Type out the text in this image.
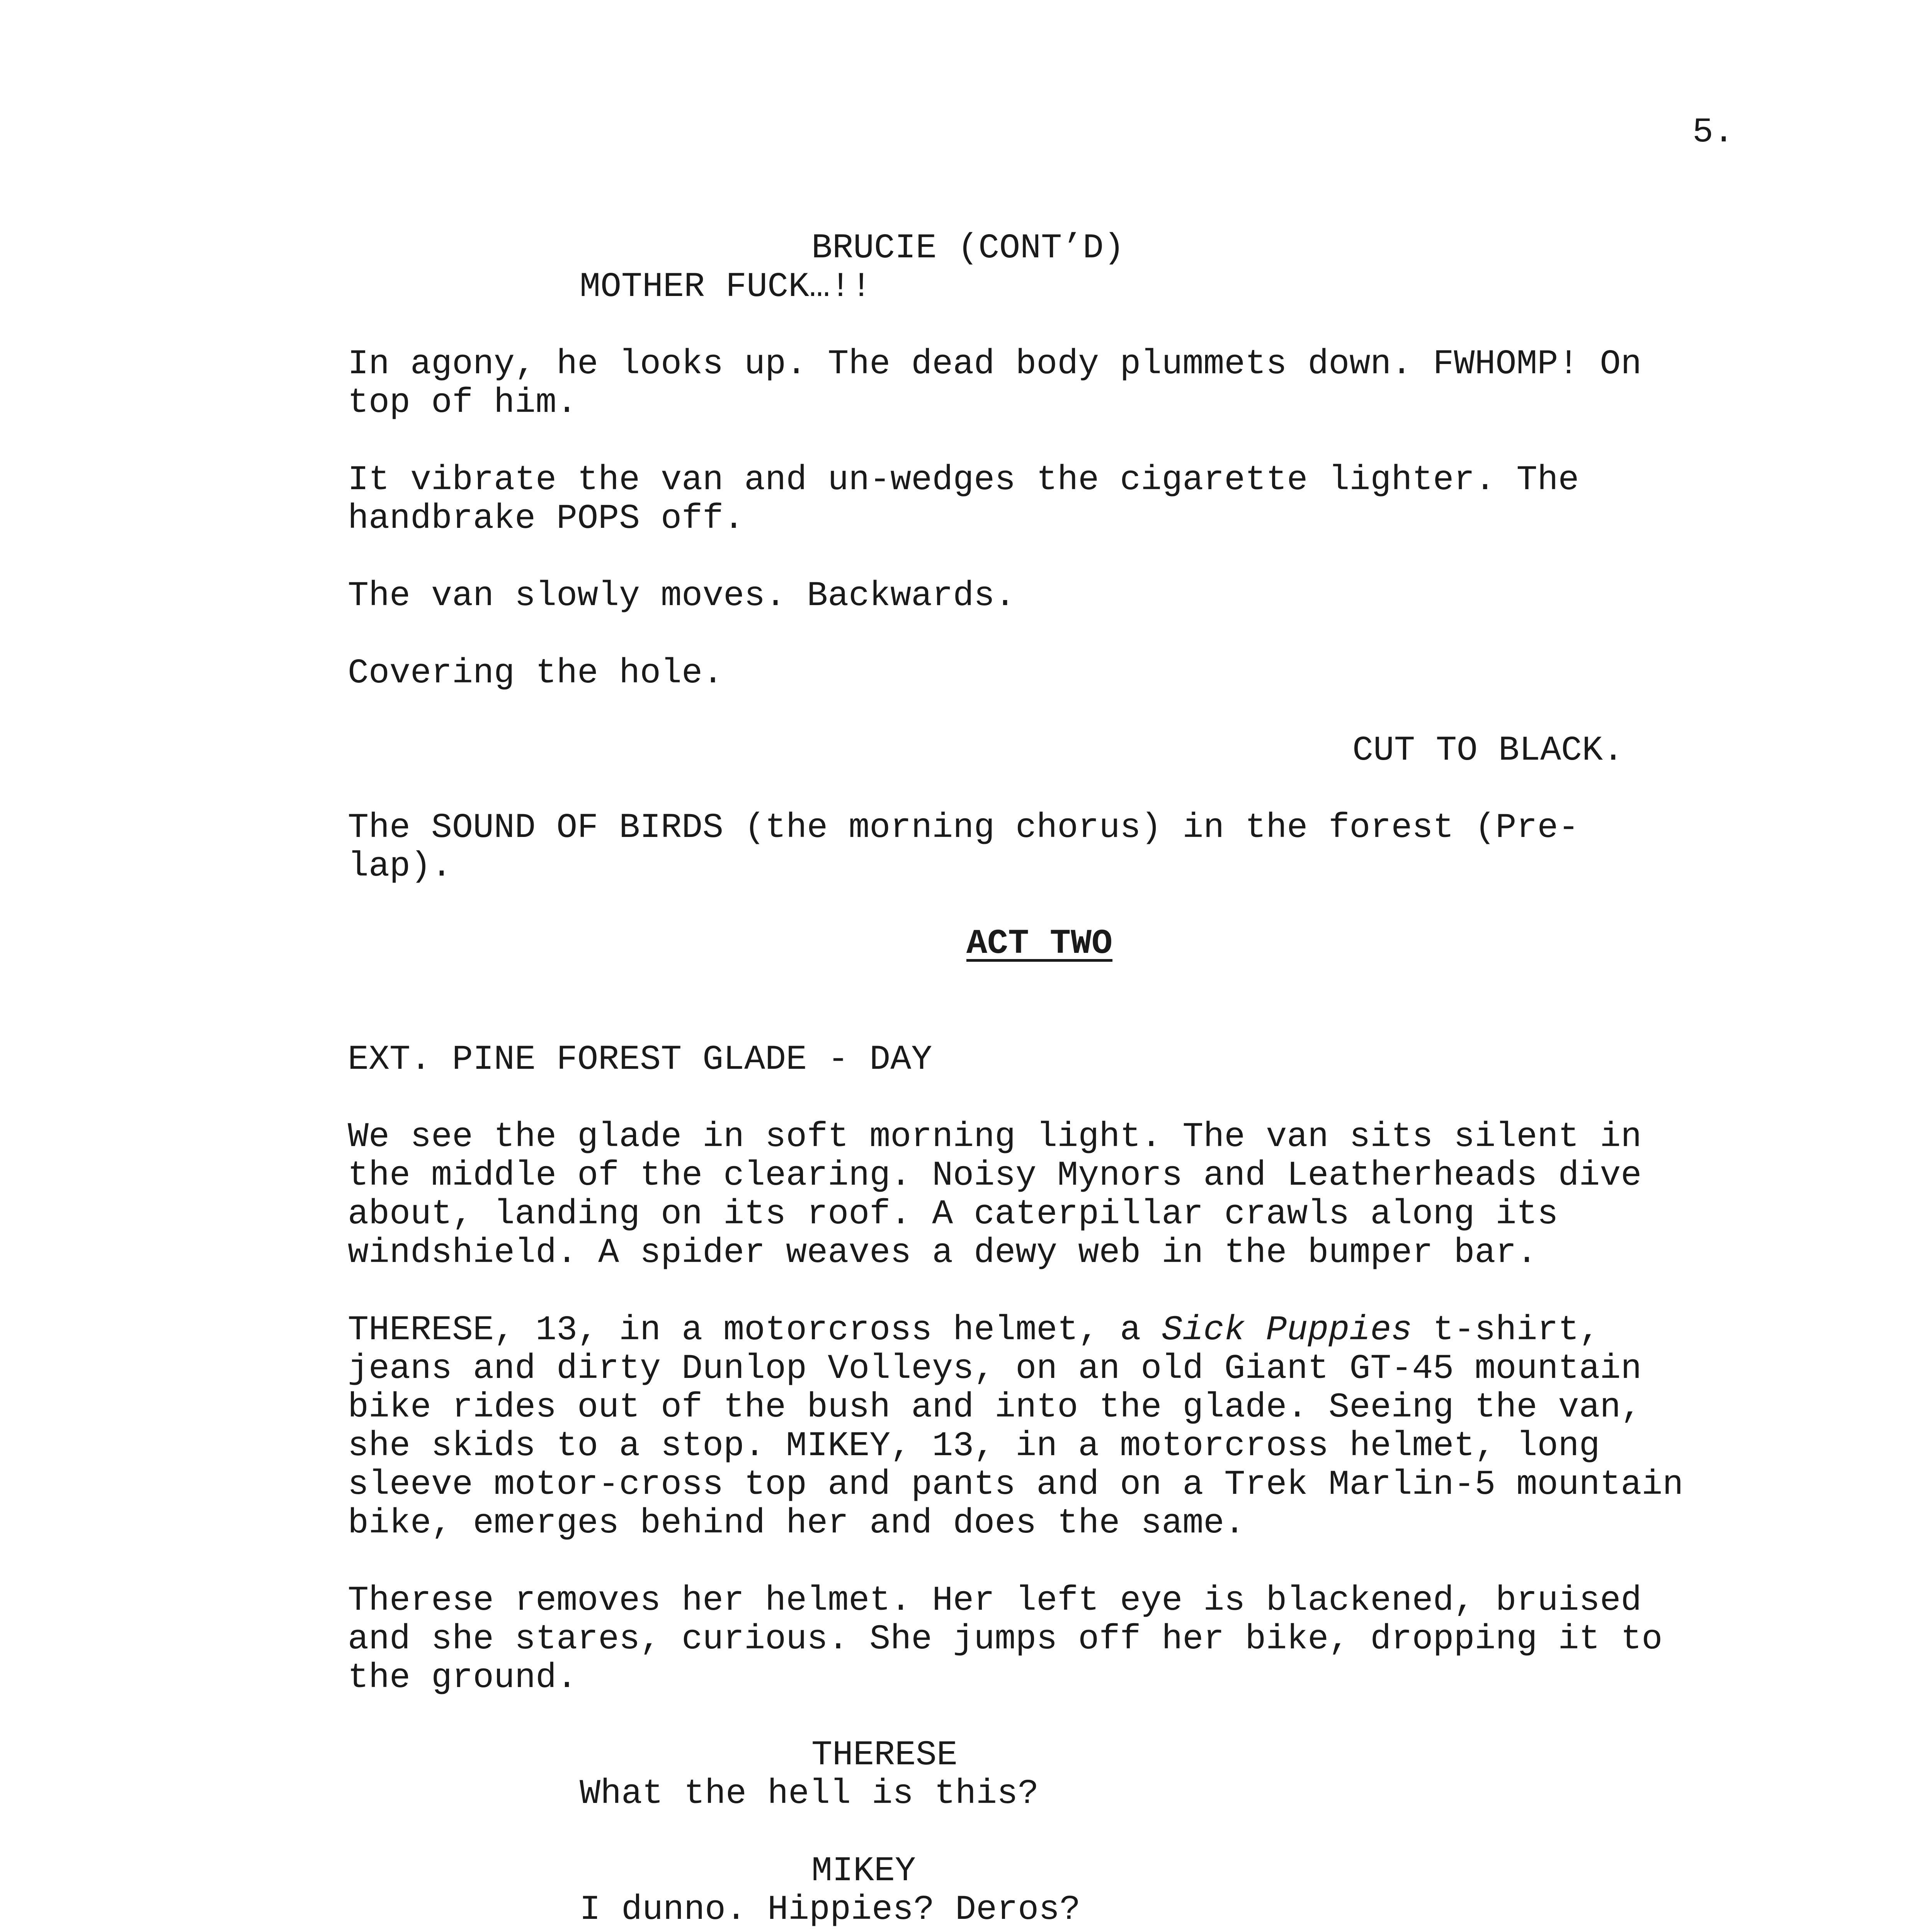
5.
BRUCIE (CONT’D)
MOTHER FUCK…!!
In agony, he looks up. The dead body plummets down. FWHOMP! On
top of him.
It vibrate the van and un-wedges the cigarette lighter. The
handbrake POPS off.
The van slowly moves. Backwards.
Covering the hole.
CUT TO BLACK.
The SOUND OF BIRDS (the morning chorus) in the forest (Pre-
lap).
ACT TWO
EXT. PINE FOREST GLADE - DAY
We see the glade in soft morning light. The van sits silent in
the middle of the clearing. Noisy Mynors and Leatherheads dive
about, landing on its roof. A caterpillar crawls along its
windshield. A spider weaves a dewy web in the bumper bar.
THERESE, 13, in a motorcross helmet, a Sick Puppies t-shirt,
jeans and dirty Dunlop Volleys, on an old Giant GT-45 mountain
bike rides out of the bush and into the glade. Seeing the van,
she skids to a stop. MIKEY, 13, in a motorcross helmet, long
sleeve motor-cross top and pants and on a Trek Marlin-5 mountain
bike, emerges behind her and does the same.
Therese removes her helmet. Her left eye is blackened, bruised
and she stares, curious. She jumps off her bike, dropping it to
the ground.
THERESE
What the hell is this?
MIKEY
I dunno. Hippies? Deros?
